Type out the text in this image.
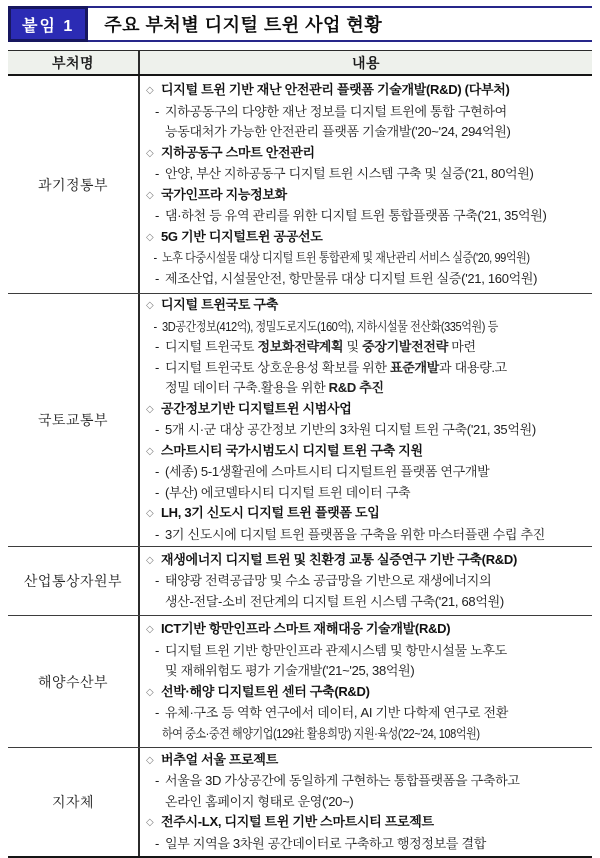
붙임 1	주요 부처별 디지털 트윈 사업 현황
부처명	내용
과기정통부
◇ 디지털 트윈 기반 재난 안전관리 플랫폼 기술개발(R&D) (다부처)
- 지하공동구의 다양한 재난 정보를 디지털 트윈에 통합 구현하여
능동대처가 가능한 안전관리 플랫폼 기술개발('20~'24, 294억원)
◇ 지하공동구 스마트 안전관리
- 안양, 부산 지하공동구 디지털 트윈 시스템 구축 및 실증('21, 80억원)
◇ 국가인프라 지능정보화
- 댐·하천 등 유역 관리를 위한 디지털 트윈 통합플랫폼 구축('21, 35억원)
◇ 5G 기반 디지털트윈 공공선도
- 노후 다중시설물 대상 디지털 트윈 통합관제 및 재난관리 서비스 실증('20, 99억원)
- 제조산업, 시설물안전, 항만물류 대상 디지털 트윈 실증('21, 160억원)
국토교통부
◇ 디지털 트윈국토 구축
- 3D공간정보(412억), 정밀도로지도(160억), 지하시설물 전산화(335억원) 등
- 디지털 트윈국토 정보화전략계획 및 중장기발전전략 마련
- 디지털 트윈국토 상호운용성 확보를 위한 표준개발과 대용량.고
정밀 데이터 구축.활용을 위한 R&D 추진
◇ 공간정보기반 디지털트윈 시범사업
- 5개 시·군 대상 공간정보 기반의 3차원 디지털 트윈 구축('21, 35억원)
◇ 스마트시티 국가시범도시 디지털 트윈 구축 지원
- (세종) 5-1생활권에 스마트시티 디지털트윈 플랫폼 연구개발
- (부산) 에코델타시티 디지털 트윈 데이터 구축
◇ LH, 3기 신도시 디지털 트윈 플랫폼 도입
- 3기 신도시에 디지털 트윈 플랫폼을 구축을 위한 마스터플랜 수립 추진
산업통상자원부
◇ 재생에너지 디지털 트윈 및 친환경 교통 실증연구 기반 구축(R&D)
- 태양광 전력공급망 및 수소 공급망을 기반으로 재생에너지의
생산-전달-소비 전단계의 디지털 트윈 시스템 구축('21, 68억원)
해양수산부
◇ ICT기반 항만인프라 스마트 재해대응 기술개발(R&D)
- 디지털 트윈 기반 항만인프라 관제시스템 및 항만시설물 노후도
및 재해위험도 평가 기술개발('21~'25, 38억원)
◇ 선박·해양 디지털트윈 센터 구축(R&D)
- 유체·구조 등 역학 연구에서 데이터, AI 기반 다학제 연구로 전환
하여 중소·중견 해양기업(129社 활용희망) 지원·육성('22~'24, 108억원)
지자체
◇ 버추얼 서울 프로젝트
- 서울을 3D 가상공간에 동일하게 구현하는 통합플랫폼을 구축하고
온라인 홈페이지 형태로 운영('20~)
◇ 전주시-LX, 디지털 트윈 기반 스마트시티 프로젝트
- 일부 지역을 3차원 공간데이터로 구축하고 행정정보를 결합
